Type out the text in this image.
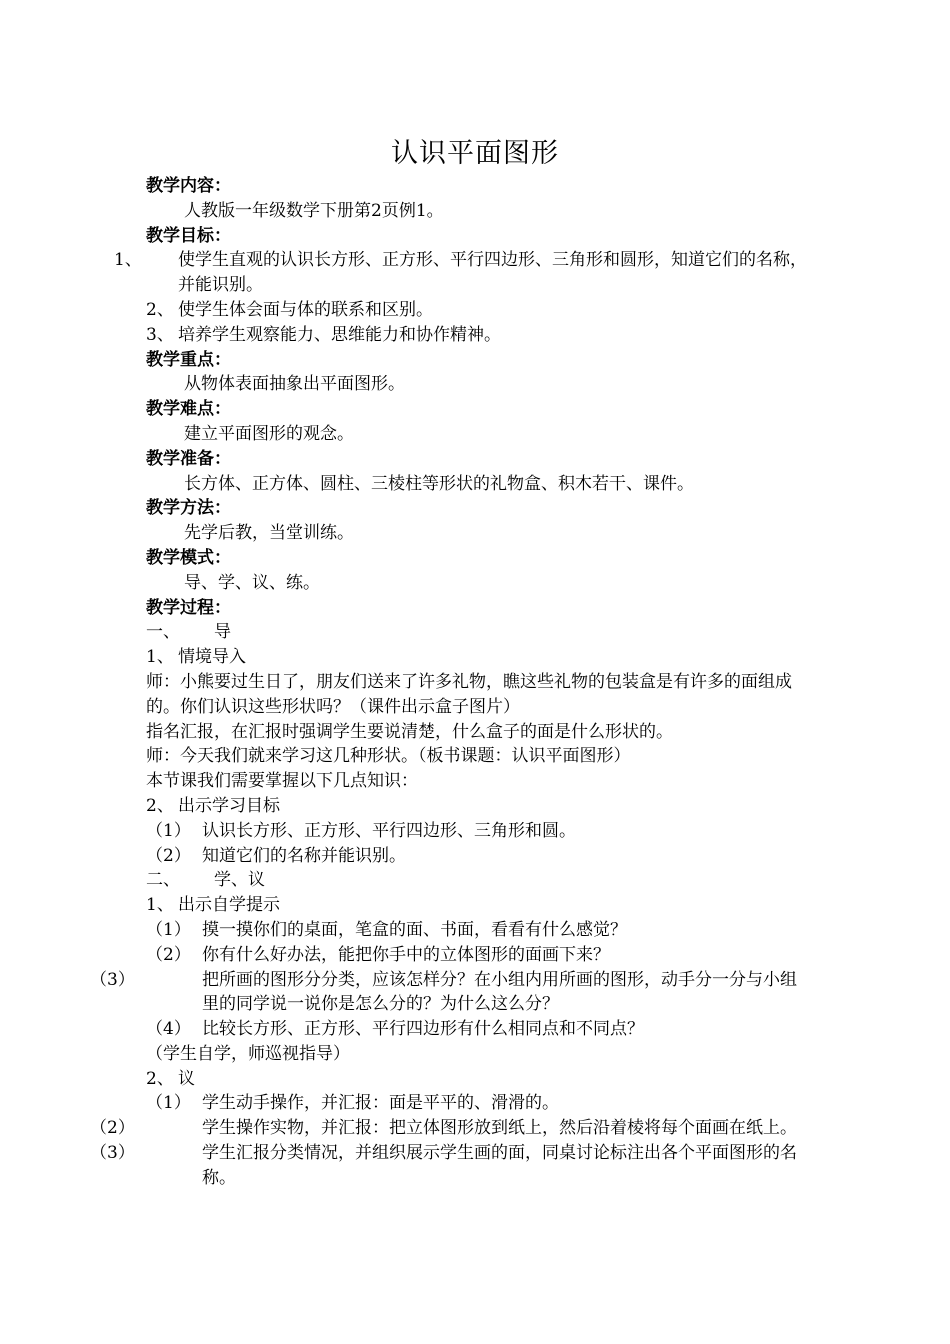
认识平面图形
教学内容：
人教版一年级数学下册第2页例1。
教学目标：
1、 使学生直观的认识长方形、正方形、平行四边形、三角形和圆形，知道它们的名称，并能识别。
2、 使学生体会面与体的联系和区别。
3、 培养学生观察能力、思维能力和协作精神。
教学重点：
从物体表面抽象出平面图形。
教学难点：
建立平面图形的观念。
教学准备：
长方体、正方体、圆柱、三棱柱等形状的礼物盒、积木若干、课件。
教学方法：
先学后教，当堂训练。
教学模式：
导、学、议、练。
教学过程：
一、 导
1、 情境导入
师：小熊要过生日了，朋友们送来了许多礼物，瞧这些礼物的包装盒是有许多的面组成的。你们认识这些形状吗？（课件出示盒子图片）
指名汇报，在汇报时强调学生要说清楚，什么盒子的面是什么形状的。
师：今天我们就来学习这几种形状。（板书课题：认识平面图形）
本节课我们需要掌握以下几点知识：
2、 出示学习目标
（1） 认识长方形、正方形、平行四边形、三角形和圆。
（2） 知道它们的名称并能识别。
二、 学、议
1、 出示自学提示
（1） 摸一摸你们的桌面，笔盒的面、书面，看看有什么感觉？
（2） 你有什么好办法，能把你手中的立体图形的面画下来？
（3）	把所画的图形分分类，应该怎样分？在小组内用所画的图形，动手分一分与小组里的同学说一说你是怎么分的？为什么这么分？
（4） 比较长方形、正方形、平行四边形有什么相同点和不同点？
（学生自学，师巡视指导）
2、 议
（1） 学生动手操作，并汇报：面是平平的、滑滑的。
（2）	学生操作实物，并汇报：把立体图形放到纸上，然后沿着棱将每个面画在纸上。
（3）	学生汇报分类情况，并组织展示学生画的面，同桌讨论标注出各个平面图形的名称。
